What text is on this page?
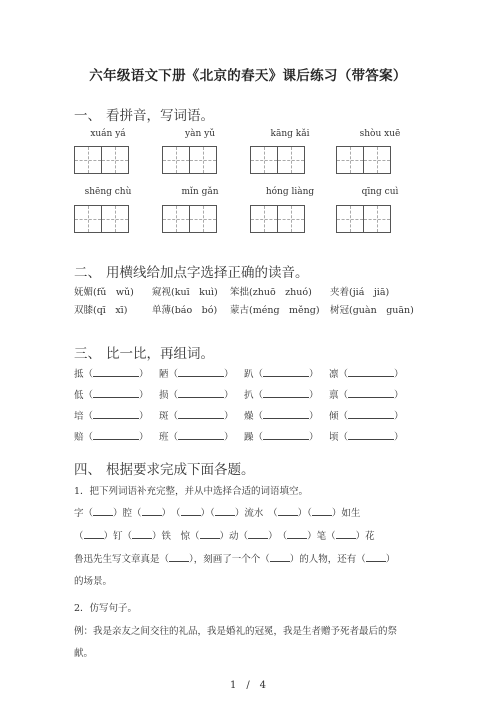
六年级语文下册《北京的春天》课后练习（带答案）
一、 看拼音，写词语。
xuán yá	yàn yǔ	kāng kǎi	shòu xuē
shēng chù	mǐn gǎn	hóng liàng	qīng cuì
二、 用横线给加点字选择正确的读音。
妩媚(fǔ　wǔ) 窥视(kuī　kuì) 笨拙(zhuō　zhuó) 夹着(jiá　jiā)
双膝(qī　xī)	单薄(báo　bó) 蒙古(méng　měng) 树冠(guàn　guān)
三、 比一比，再组词。
抵（	） 陋（	） 趴（	） 凛（	）
低（	） 损（	） 扒（	） 禀（	）
培（	） 斑（	） 燥（	） 倾（	）
赔（	） 班（	） 躁（	） 顷（	）
四、 根据要求完成下面各题。
1．把下列词语补充完整，并从中选择合适的词语填空。
字（ ）腔（ ）　（ ）（ ）流水　（ ）（ ）如生
（ ）钉（ ）铁　惊（ ）动（ ）　（ ）笔（ ）花
鲁迅先生写文章真是（ ），刻画了一个个（ ）的人物，还有（ ）
的场景。
2．仿写句子。
例：我是亲友之间交往的礼品，我是婚礼的冠冕，我是生者赠予死者最后的祭
献。
1　/　4
